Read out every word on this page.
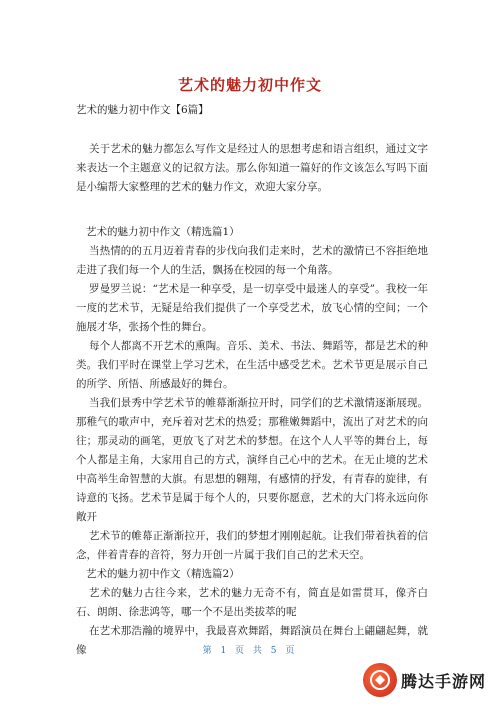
艺术的魅力初中作文
艺术的魅力初中作文【6篇】

关于艺术的魅力都怎么写作文是经过人的思想考虑和语言组织，通过文字来表达一个主题意义的记叙方法。那么你知道一篇好的作文该怎么写吗下面是小编帮大家整理的艺术的魅力作文，欢迎大家分享。

艺术的魅力初中作文（精选篇1）

当热情的的五月迈着青春的步伐向我们走来时，艺术的激情已不容拒绝地走进了我们每一个人的生活，飘扬在校园的每一个角落。

罗曼罗兰说：“艺术是一种享受，是一切享受中最迷人的享受”。我校一年一度的艺术节，无疑是给我们提供了一个享受艺术，放飞心情的空间；一个施展才华，张扬个性的舞台。

每个人都离不开艺术的熏陶。音乐、美术、书法、舞蹈等，都是艺术的种类。我们平时在课堂上学习艺术，在生活中感受艺术。艺术节更是展示自己的所学、所悟、所感最好的舞台。

当我们景秀中学艺术节的帷幕渐渐拉开时，同学们的艺术激情逐渐展现。那稚气的歌声中，充斥着对艺术的热爱；那稚嫩舞蹈中，流出了对艺术的向往；那灵动的画笔，更放飞了对艺术的梦想。在这个人人平等的舞台上，每个人都是主角，大家用自己的方式，演绎自己心中的艺术。在无止境的艺术中高举生命智慧的大旗。有思想的翱翔，有感情的抒发，有青春的旋律，有诗意的飞扬。艺术节是属于每个人的，只要你愿意，艺术的大门将永远向你敞开

艺术节的帷幕正渐渐拉开，我们的梦想才刚刚起航。让我们带着执着的信念，伴着青春的音符，努力开创一片属于我们自己的艺术天空。

艺术的魅力初中作文（精选篇2）

艺术的魅力古往今来，艺术的魅力无奇不有，简直是如雷贯耳，像齐白石、朗朗、徐悲鸿等，哪一个不是出类拔萃的呢

在艺术那浩瀚的境界中，我最喜欢舞蹈，舞蹈演员在舞台上翩翩起舞，就像	第 1 页 共 5 页
腾达手游网
